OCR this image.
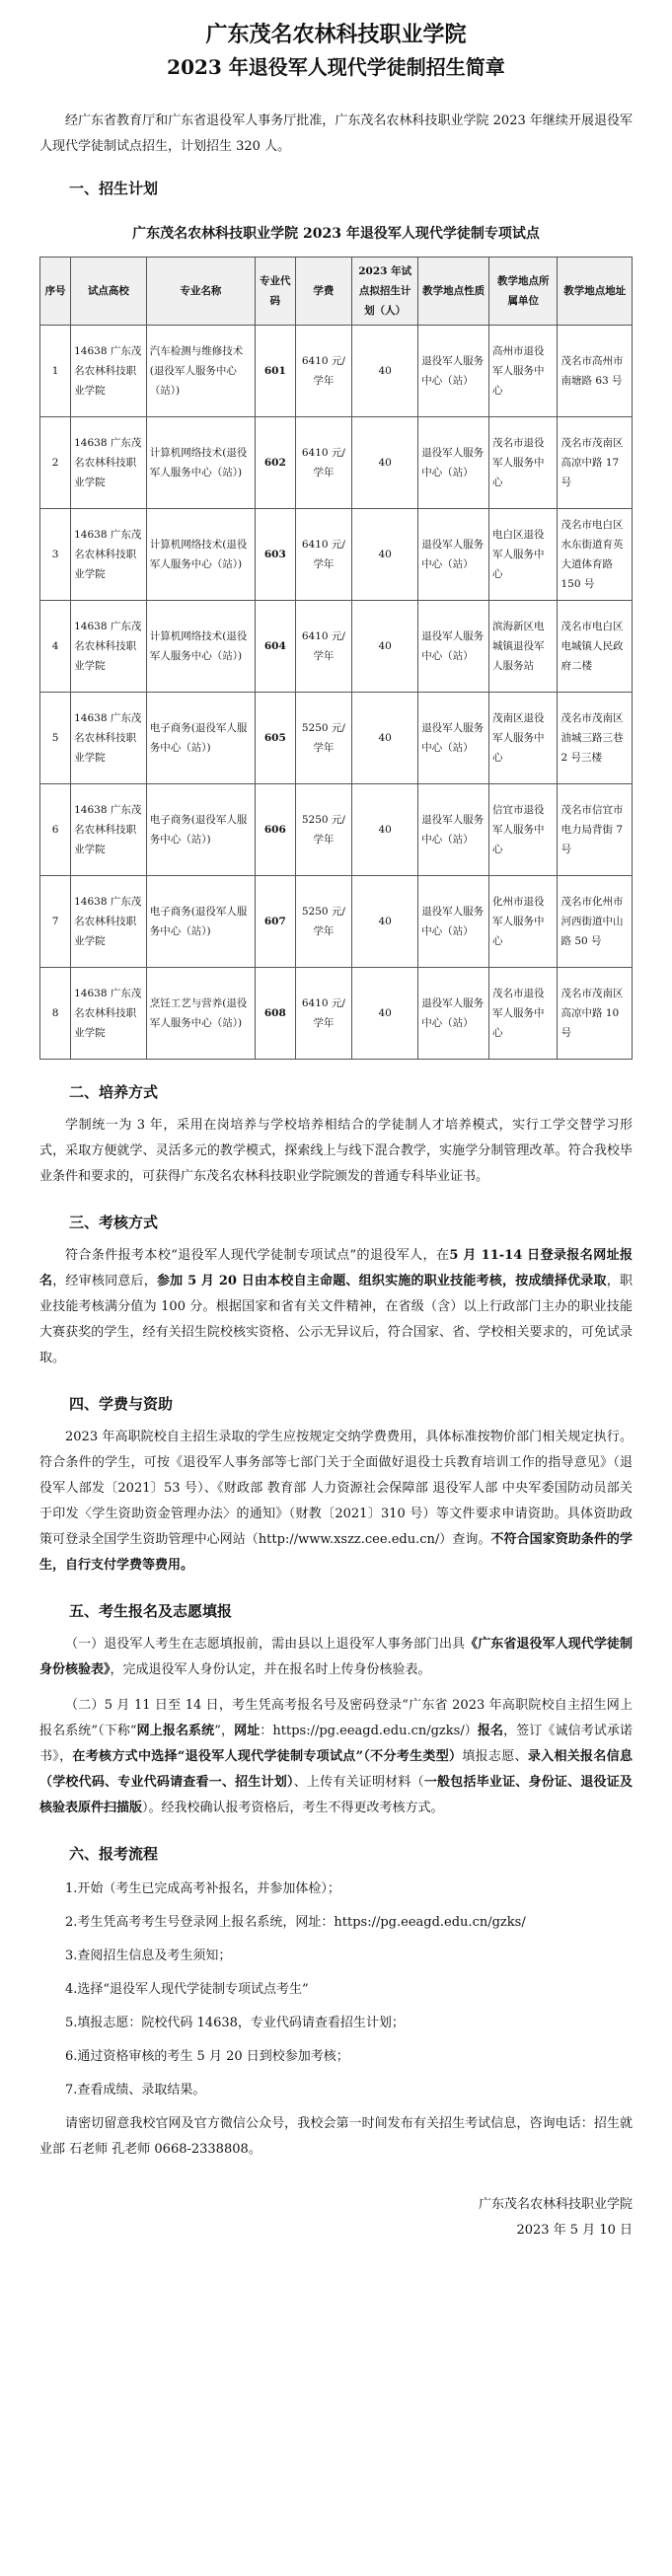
广东茂名农林科技职业学院
2023 年退役军人现代学徒制招生简章

经广东省教育厅和广东省退役军人事务厅批准，广东茂名农林科技职业学院 2023 年继续开展退役军人现代学徒制试点招生，计划招生 320 人。

一、招生计划
广东茂名农林科技职业学院 2023 年退役军人现代学徒制专项试点
序号	试点高校	专业名称	专业代码	学费	2023 年试点拟招生计划（人）	教学地点性质	教学地点所属单位	教学地点地址
1	14638 广东茂名农林科技职业学院	汽车检测与维修技术(退役军人服务中心（站）)	601	6410 元/学年	40	退役军人服务中心（站）	高州市退役军人服务中心	茂名市高州市南塘路 63 号
2	14638 广东茂名农林科技职业学院	计算机网络技术(退役军人服务中心（站）)	602	6410 元/学年	40	退役军人服务中心（站）	茂名市退役军人服务中心	茂名市茂南区高凉中路 17 号
3	14638 广东茂名农林科技职业学院	计算机网络技术(退役军人服务中心（站）)	603	6410 元/学年	40	退役军人服务中心（站）	电白区退役军人服务中心	茂名市电白区水东街道育英大道体育路 150 号
4	14638 广东茂名农林科技职业学院	计算机网络技术(退役军人服务中心（站）)	604	6410 元/学年	40	退役军人服务中心（站）	滨海新区电城镇退役军人服务站	茂名市电白区电城镇人民政府二楼
5	14638 广东茂名农林科技职业学院	电子商务(退役军人服务中心（站）)	605	5250 元/学年	40	退役军人服务中心（站）	茂南区退役军人服务中心	茂名市茂南区油城三路三巷 2 号三楼
6	14638 广东茂名农林科技职业学院	电子商务(退役军人服务中心（站）)	606	5250 元/学年	40	退役军人服务中心（站）	信宜市退役军人服务中心	茂名市信宜市电力局背街 7 号
7	14638 广东茂名农林科技职业学院	电子商务(退役军人服务中心（站）)	607	5250 元/学年	40	退役军人服务中心（站）	化州市退役军人服务中心	茂名市化州市河西街道中山路 50 号
8	14638 广东茂名农林科技职业学院	烹饪工艺与营养(退役军人服务中心（站）)	608	6410 元/学年	40	退役军人服务中心（站）	茂名市退役军人服务中心	茂名市茂南区高凉中路 10 号
二、培养方式

学制统一为 3 年，采用在岗培养与学校培养相结合的学徒制人才培养模式，实行工学交替学习形式，采取方便就学、灵活多元的教学模式，探索线上与线下混合教学，实施学分制管理改革。符合我校毕业条件和要求的，可获得广东茂名农林科技职业学院颁发的普通专科毕业证书。

三、考核方式

符合条件报考本校“退役军人现代学徒制专项试点”的退役军人，在5 月 11-14 日登录报名网址报名，经审核同意后，参加 5 月 20 日由本校自主命题、组织实施的职业技能考核，按成绩择优录取，职业技能考核满分值为 100 分。根据国家和省有关文件精神，在省级（含）以上行政部门主办的职业技能大赛获奖的学生，经有关招生院校核实资格、公示无异议后，符合国家、省、学校相关要求的，可免试录取。

四、学费与资助

2023 年高职院校自主招生录取的学生应按规定交纳学费费用，具体标准按物价部门相关规定执行。符合条件的学生，可按《退役军人事务部等七部门关于全面做好退役士兵教育培训工作的指导意见》（退役军人部发〔2021〕53 号）、《财政部 教育部 人力资源社会保障部 退役军人部 中央军委国防动员部关于印发〈学生资助资金管理办法〉的通知》（财教〔2021〕310 号）等文件要求申请资助。具体资助政策可登录全国学生资助管理中心网站（http://www.xszz.cee.edu.cn/）查询。不符合国家资助条件的学生，自行支付学费等费用。

五、考生报名及志愿填报

（一）退役军人考生在志愿填报前，需由县以上退役军人事务部门出具《广东省退役军人现代学徒制身份核验表》，完成退役军人身份认定，并在报名时上传身份核验表。

（二）5 月 11 日至 14 日，考生凭高考报名号及密码登录“广东省 2023 年高职院校自主招生网上报名系统”（下称“网上报名系统”，网址：https://pg.eeagd.edu.cn/gzks/）报名，签订《诚信考试承诺书》，在考核方式中选择“退役军人现代学徒制专项试点”（不分考生类型）填报志愿、录入相关报名信息（学校代码、专业代码请查看一、招生计划）、上传有关证明材料（一般包括毕业证、身份证、退役证及核验表原件扫描版）。经我校确认报考资格后，考生不得更改考核方式。

六、报考流程
1.开始（考生已完成高考补报名，并参加体检）；
2.考生凭高考考生号登录网上报名系统，网址：https://pg.eeagd.edu.cn/gzks/
3.查阅招生信息及考生须知；
4.选择“退役军人现代学徒制专项试点考生”
5.填报志愿：院校代码 14638，专业代码请查看招生计划；
6.通过资格审核的考生 5 月 20 日到校参加考核；
7.查看成绩、录取结果。

请密切留意我校官网及官方微信公众号，我校会第一时间发布有关招生考试信息，咨询电话：招生就业部 石老师 孔老师 0668-2338808。

广东茂名农林科技职业学院
2023 年 5 月 10 日
